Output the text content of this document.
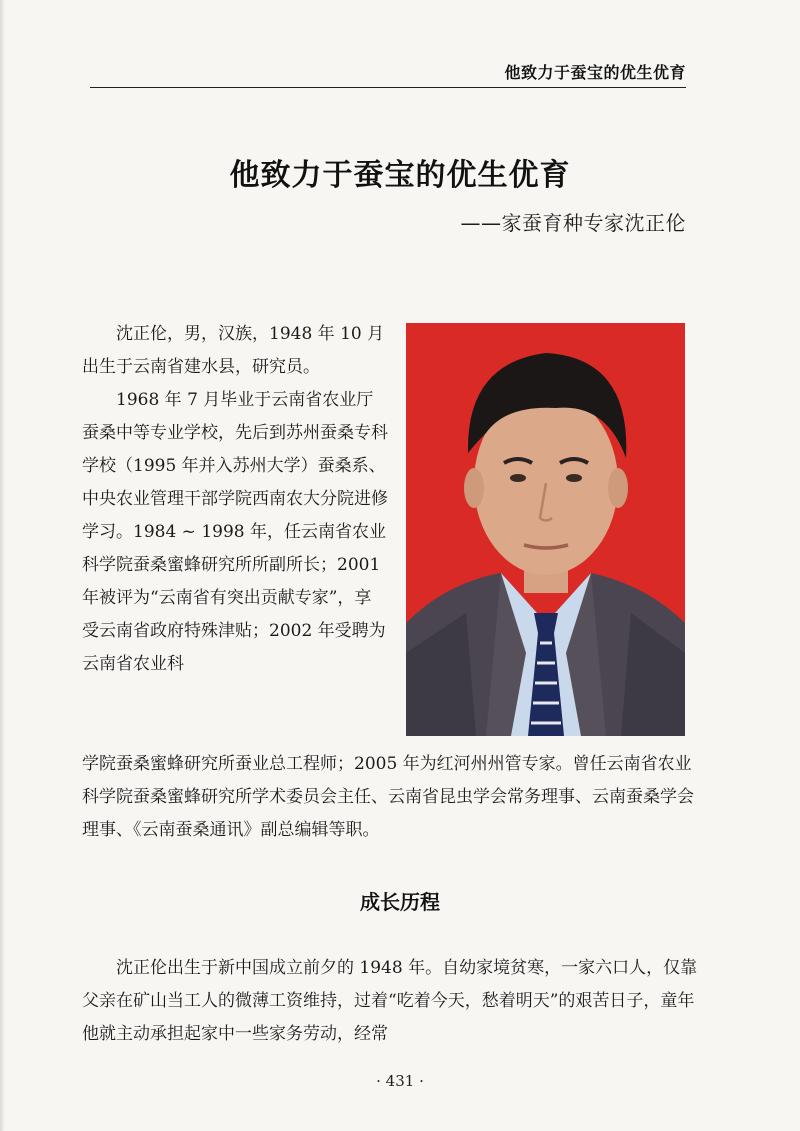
他致力于蚕宝的优生优育
他致力于蚕宝的优生优育
——家蚕育种专家沈正伦

沈正伦，男，汉族，1948 年 10 月出生于云南省建水县，研究员。

1968 年 7 月毕业于云南省农业厅蚕桑中等专业学校，先后到苏州蚕桑专科学校（1995 年并入苏州大学）蚕桑系、中央农业管理干部学院西南农大分院进修学习。1984 ~ 1998 年，任云南省农业科学院蚕桑蜜蜂研究所所副所长；2001 年被评为“云南省有突出贡献专家”，享受云南省政府特殊津贴；2002 年受聘为云南省农业科

学院蚕桑蜜蜂研究所蚕业总工程师；2005 年为红河州州管专家。曾任云南省农业科学院蚕桑蜜蜂研究所学术委员会主任、云南省昆虫学会常务理事、云南蚕桑学会理事、《云南蚕桑通讯》副总编辑等职。

成长历程

沈正伦出生于新中国成立前夕的 1948 年。自幼家境贫寒，一家六口人，仅靠父亲在矿山当工人的微薄工资维持，过着“吃着今天，愁着明天”的艰苦日子，童年他就主动承担起家中一些家务劳动，经常

· 431 ·
